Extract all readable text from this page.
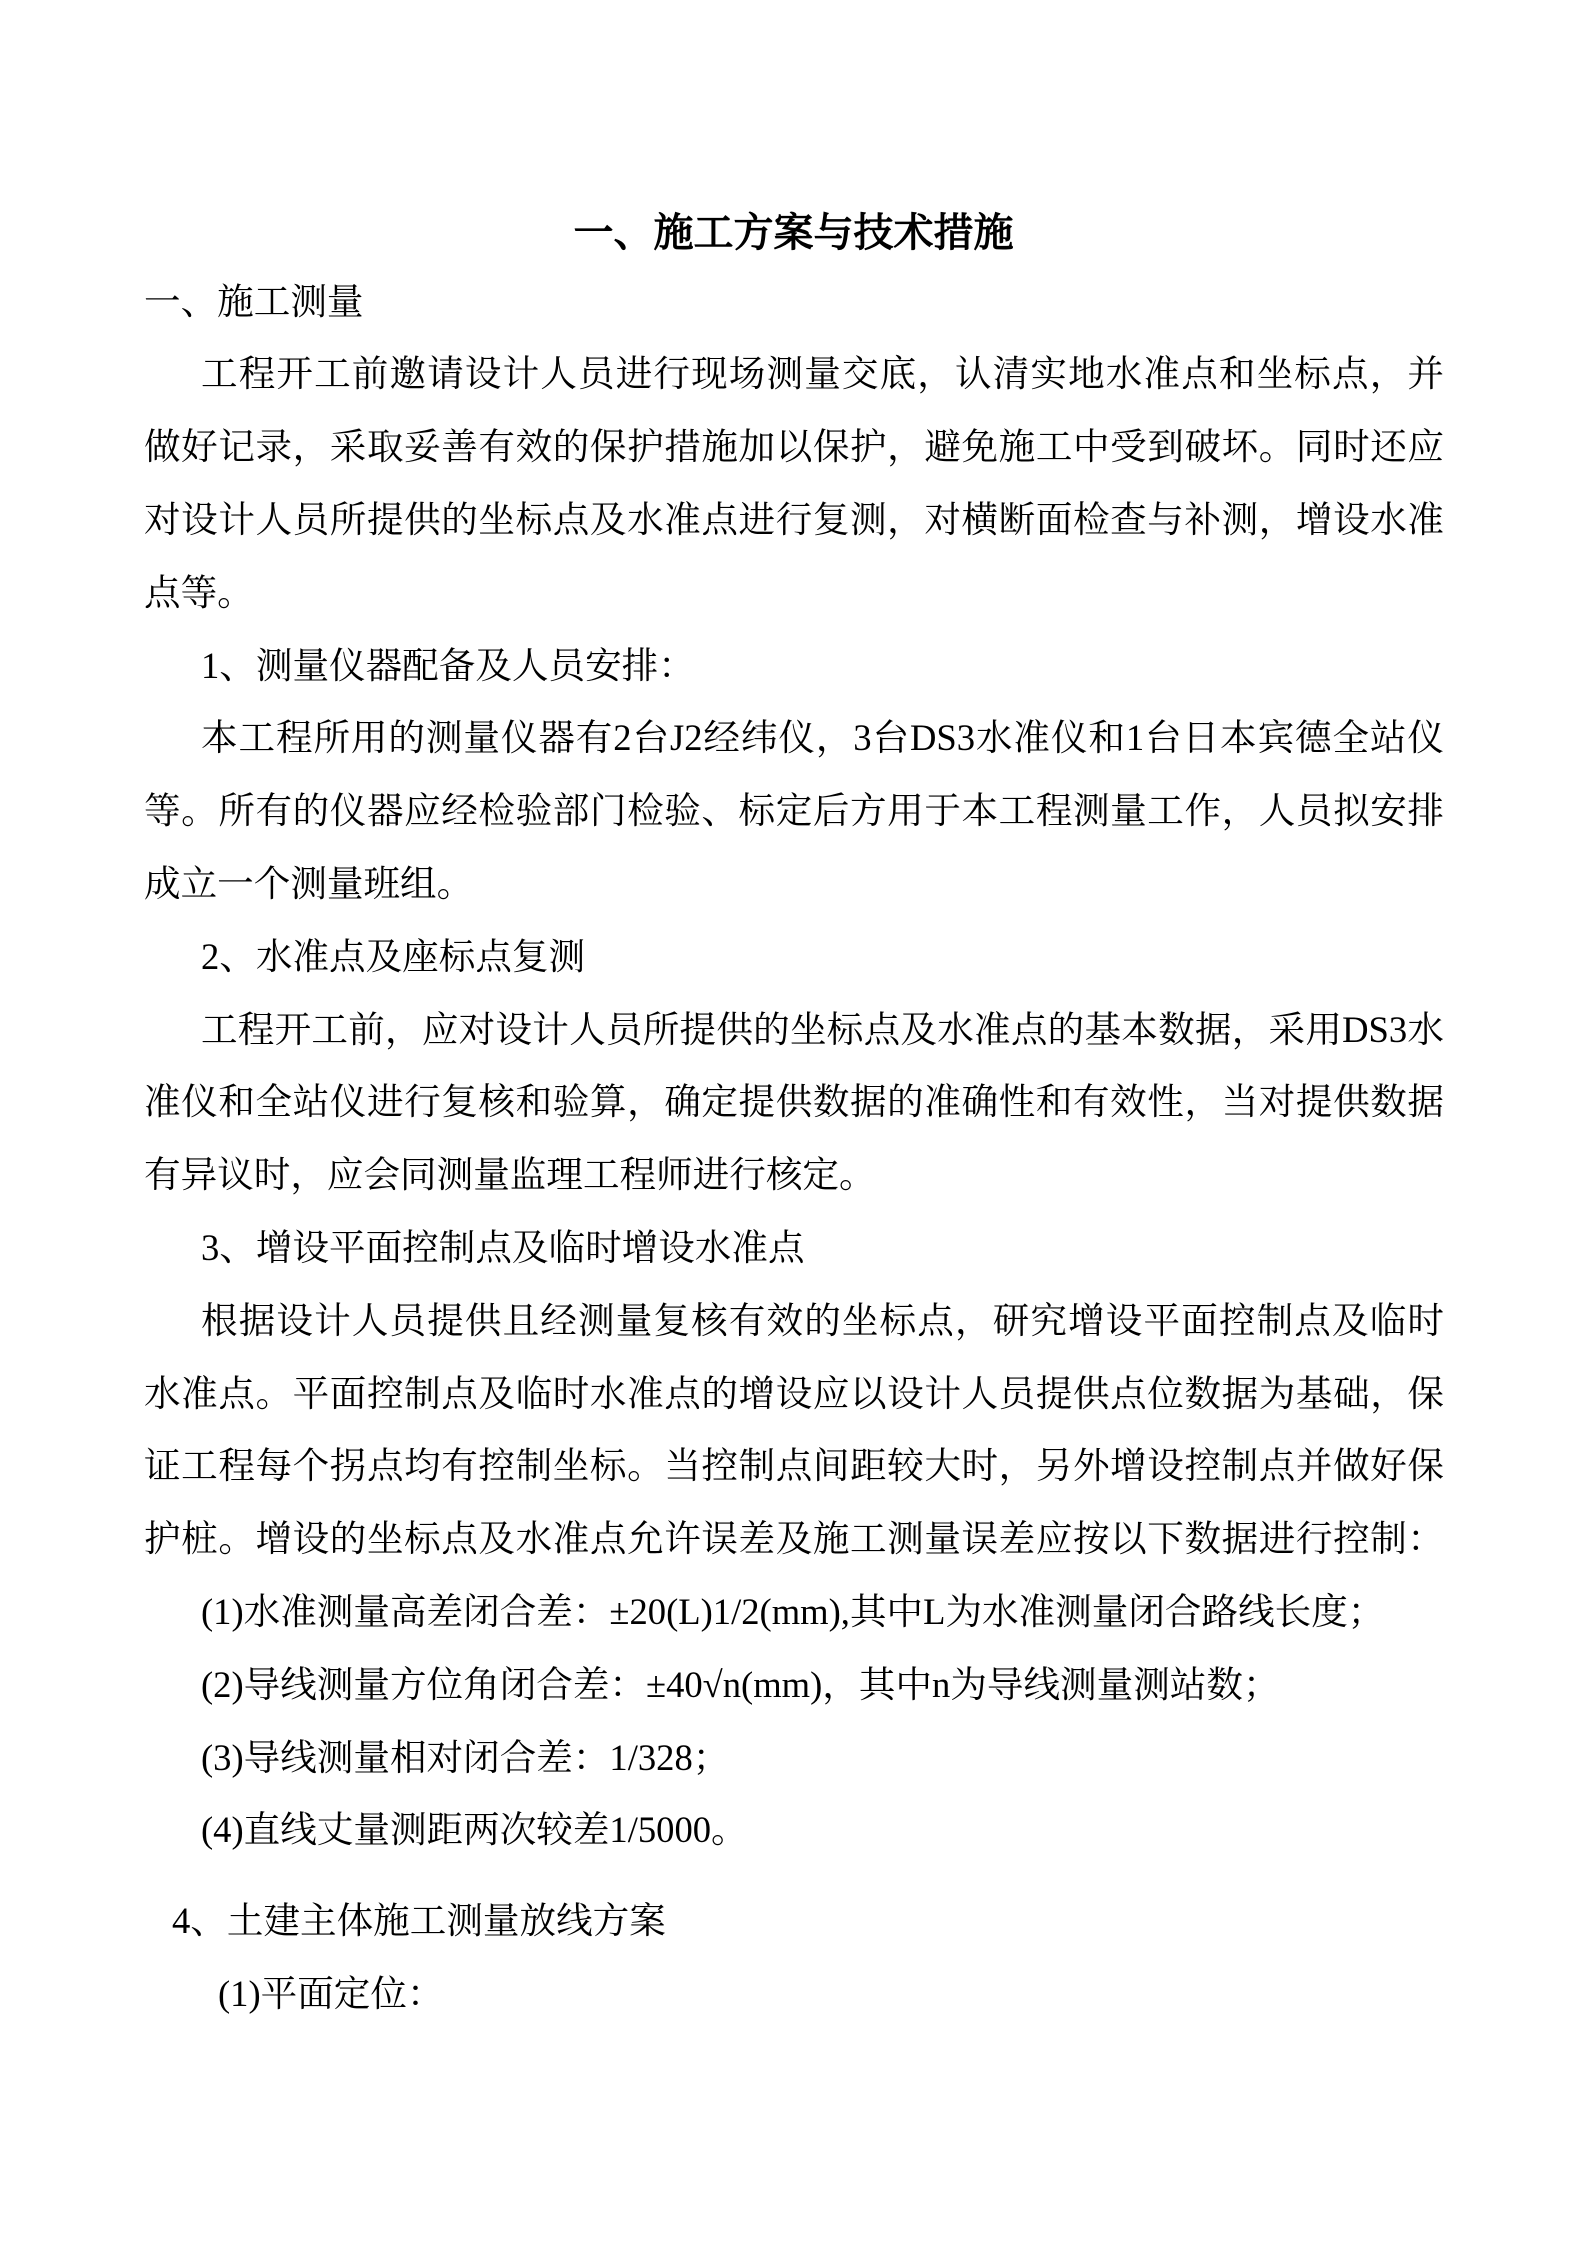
一、施工方案与技术措施
一、施工测量
工程开工前邀请设计人员进行现场测量交底，认清实地水准点和坐标点，并
做好记录，采取妥善有效的保护措施加以保护，避免施工中受到破坏。同时还应
对设计人员所提供的坐标点及水准点进行复测，对横断面检查与补测，增设水准
点等。
1、测量仪器配备及人员安排：
本工程所用的测量仪器有2台J2经纬仪，3台DS3水准仪和1台日本宾德全站仪
等。所有的仪器应经检验部门检验、标定后方用于本工程测量工作，人员拟安排
成立一个测量班组。
2、水准点及座标点复测
工程开工前，应对设计人员所提供的坐标点及水准点的基本数据，采用DS3水
准仪和全站仪进行复核和验算，确定提供数据的准确性和有效性，当对提供数据
有异议时，应会同测量监理工程师进行核定。
3、增设平面控制点及临时增设水准点
根据设计人员提供且经测量复核有效的坐标点，研究增设平面控制点及临时
水准点。平面控制点及临时水准点的增设应以设计人员提供点位数据为基础，保
证工程每个拐点均有控制坐标。当控制点间距较大时，另外增设控制点并做好保
护桩。增设的坐标点及水准点允许误差及施工测量误差应按以下数据进行控制：
(1)水准测量高差闭合差：±20(L)1/2(mm),其中L为水准测量闭合路线长度；
(2)导线测量方位角闭合差：±40√n(mm)，其中n为导线测量测站数；
(3)导线测量相对闭合差：1/328；
(4)直线丈量测距两次较差1/5000。
4、土建主体施工测量放线方案
(1)平面定位：
